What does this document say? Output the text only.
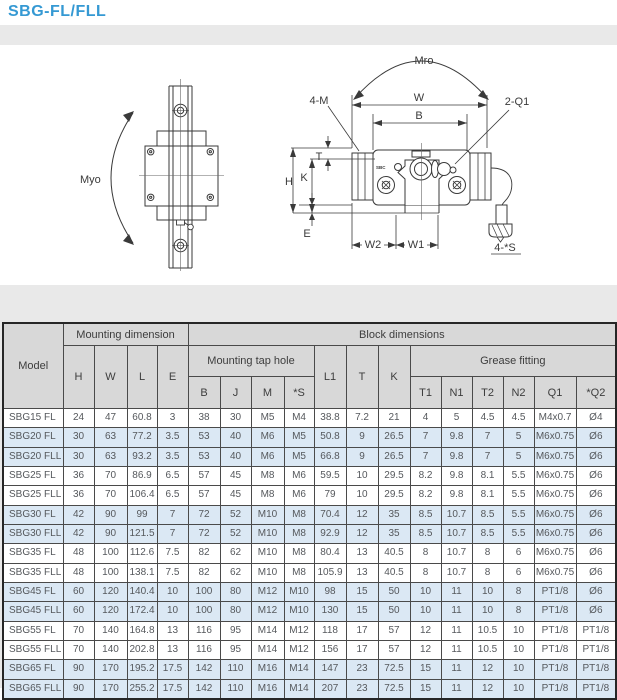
SBG-FL/FLL
Myo
Mro
W
B
4-M	2-Q1
T
H K
E
W2 W1	4-*S
SBC
Model	Mounting dimension				Block dimensions												
	H	W	L	E	Mounting tap hole				L1	T	K	Grease fitting					
					B	J	M	*S				T1	N1	T2	N2	Q1	*Q2
SBG15 FL	24	47	60.8	3	38	30	M5	M4	38.8	7.2	21	4	5	4.5	4.5	M4x0.7	Ø4
SBG20 FL	30	63	77.2	3.5	53	40	M6	M5	50.8	9	26.5	7	9.8	7	5	M6x0.75	Ø6
SBG20 FLL	30	63	93.2	3.5	53	40	M6	M5	66.8	9	26.5	7	9.8	7	5	M6x0.75	Ø6
SBG25 FL	36	70	86.9	6.5	57	45	M8	M6	59.5	10	29.5	8.2	9.8	8.1	5.5	M6x0.75	Ø6
SBG25 FLL	36	70	106.4	6.5	57	45	M8	M6	79	10	29.5	8.2	9.8	8.1	5.5	M6x0.75	Ø6
SBG30 FL	42	90	99	7	72	52	M10	M8	70.4	12	35	8.5	10.7	8.5	5.5	M6x0.75	Ø6
SBG30 FLL	42	90	121.5	7	72	52	M10	M8	92.9	12	35	8.5	10.7	8.5	5.5	M6x0.75	Ø6
SBG35 FL	48	100	112.6	7.5	82	62	M10	M8	80.4	13	40.5	8	10.7	8	6	M6x0.75	Ø6
SBG35 FLL	48	100	138.1	7.5	82	62	M10	M8	105.9	13	40.5	8	10.7	8	6	M6x0.75	Ø6
SBG45 FL	60	120	140.4	10	100	80	M12	M10	98	15	50	10	11	10	8	PT1/8	Ø6
SBG45 FLL	60	120	172.4	10	100	80	M12	M10	130	15	50	10	11	10	8	PT1/8	Ø6
SBG55 FL	70	140	164.8	13	116	95	M14	M12	118	17	57	12	11	10.5	10	PT1/8	PT1/8
SBG55 FLL	70	140	202.8	13	116	95	M14	M12	156	17	57	12	11	10.5	10	PT1/8	PT1/8
SBG65 FL	90	170	195.2	17.5	142	110	M16	M14	147	23	72.5	15	11	12	10	PT1/8	PT1/8
SBG65 FLL	90	170	255.2	17.5	142	110	M16	M14	207	23	72.5	15	11	12	10	PT1/8	PT1/8
